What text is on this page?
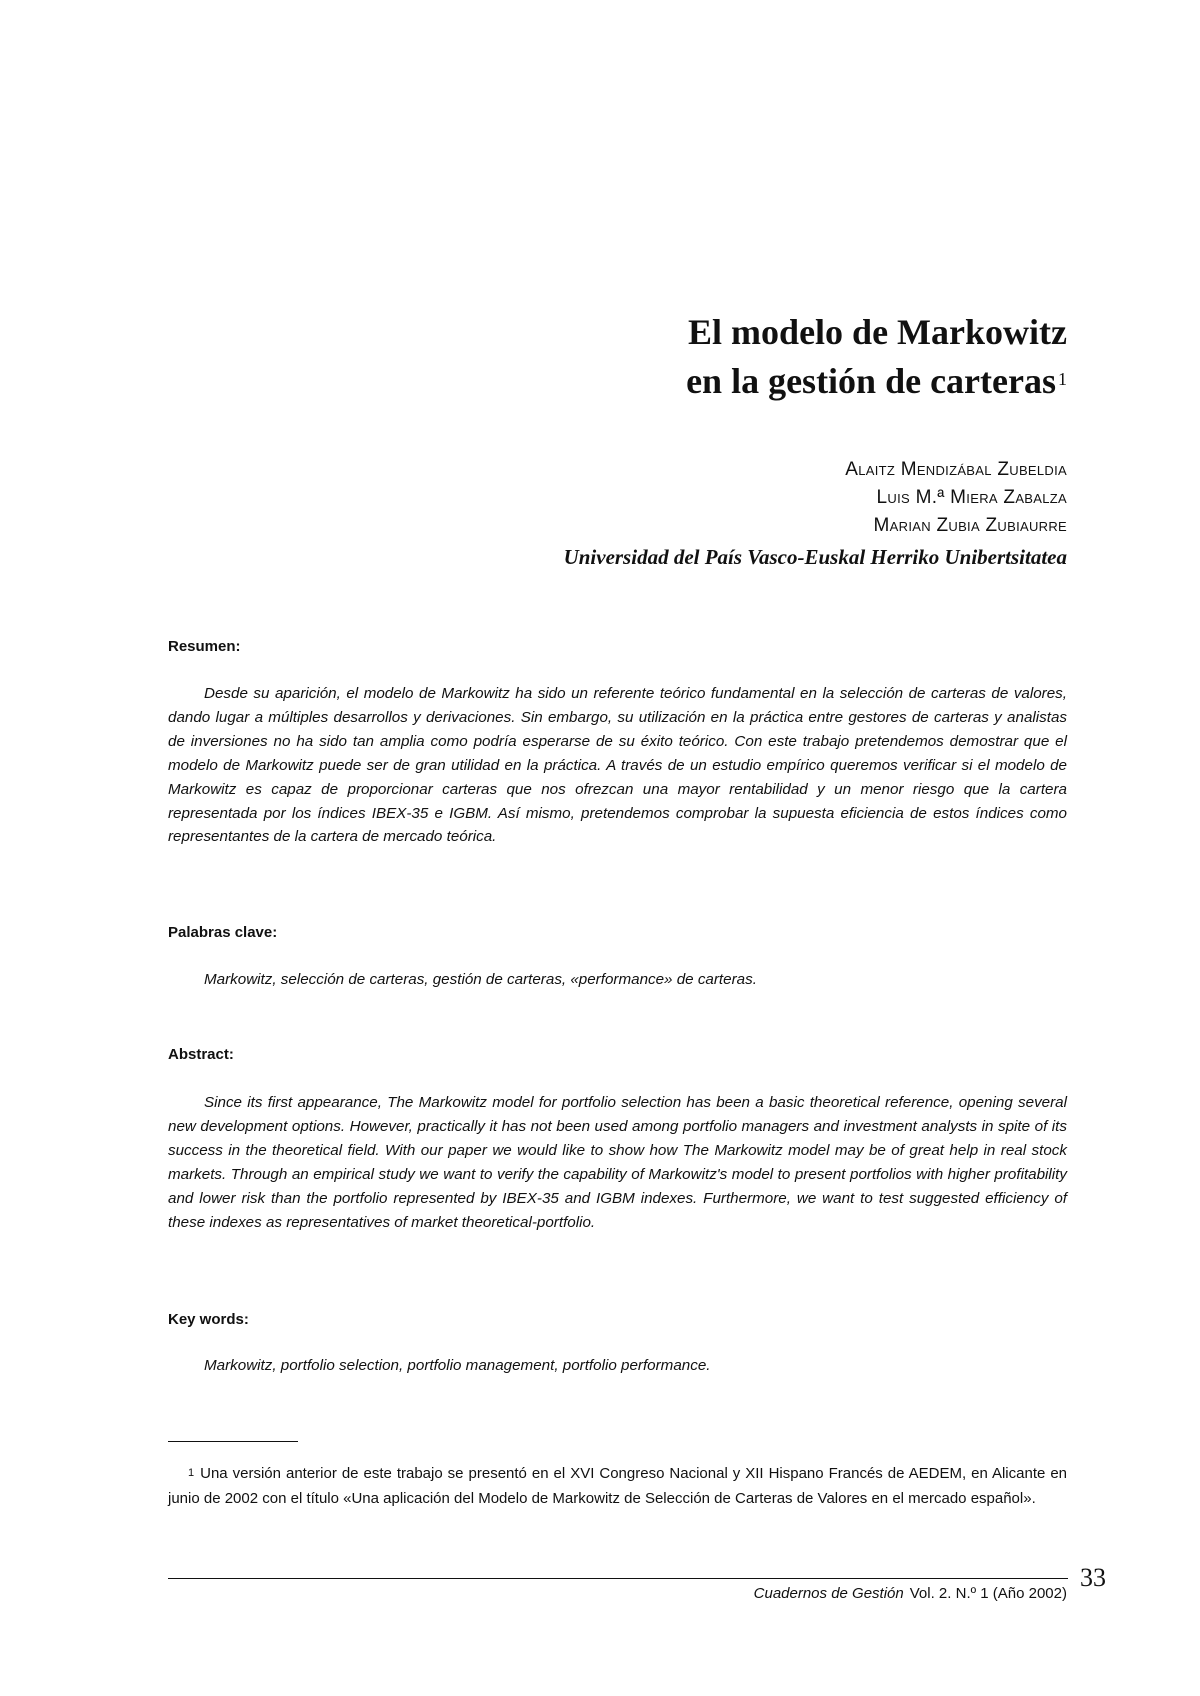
El modelo de Markowitz
en la gestión de carteras $^1$
Alaitz Mendizábal Zubeldia
Luis M.ª Miera Zabalza
Marian Zubia Zubiaurre
Universidad del País Vasco-Euskal Herriko Unibertsitatea
Resumen:
Desde su aparición, el modelo de Markowitz ha sido un referente teórico fundamental en la selección de carteras de valores, dando lugar a múltiples desarrollos y derivaciones. Sin embargo, su utilización en la práctica entre gestores de carteras y analistas de inversiones no ha sido tan amplia como podría esperarse de su éxito teórico. Con este trabajo pretendemos demostrar que el modelo de Markowitz puede ser de gran utilidad en la práctica. A través de un estudio empírico queremos verificar si el modelo de Markowitz es capaz de proporcionar carteras que nos ofrezcan una mayor rentabilidad y un menor riesgo que la cartera representada por los índices IBEX-35 e IGBM. Así mismo, pretendemos comprobar la supuesta eficiencia de estos índices como representantes de la cartera de mercado teórica.
Palabras clave:
Markowitz, selección de carteras, gestión de carteras, «performance» de carteras.
Abstract:
Since its first appearance, The Markowitz model for portfolio selection has been a basic theoretical reference, opening several new development options. However, practically it has not been used among portfolio managers and investment analysts in spite of its success in the theoretical field. With our paper we would like to show how The Markowitz model may be of great help in real stock markets. Through an empirical study we want to verify the capability of Markowitz's model to present portfolios with higher profitability and lower risk than the portfolio represented by IBEX-35 and IGBM indexes. Furthermore, we want to test suggested efficiency of these indexes as representatives of market theoretical-portfolio.
Key words:
Markowitz, portfolio selection, portfolio management, portfolio performance.
$^1$ Una versión anterior de este trabajo se presentó en el XVI Congreso Nacional y XII Hispano Francés de AEDEM, en Alicante en junio de 2002 con el título «Una aplicación del Modelo de Markowitz de Selección de Carteras de Valores en el mercado español».
Cuadernos de Gestión Vol. 2. N.º 1 (Año 2002)
33
